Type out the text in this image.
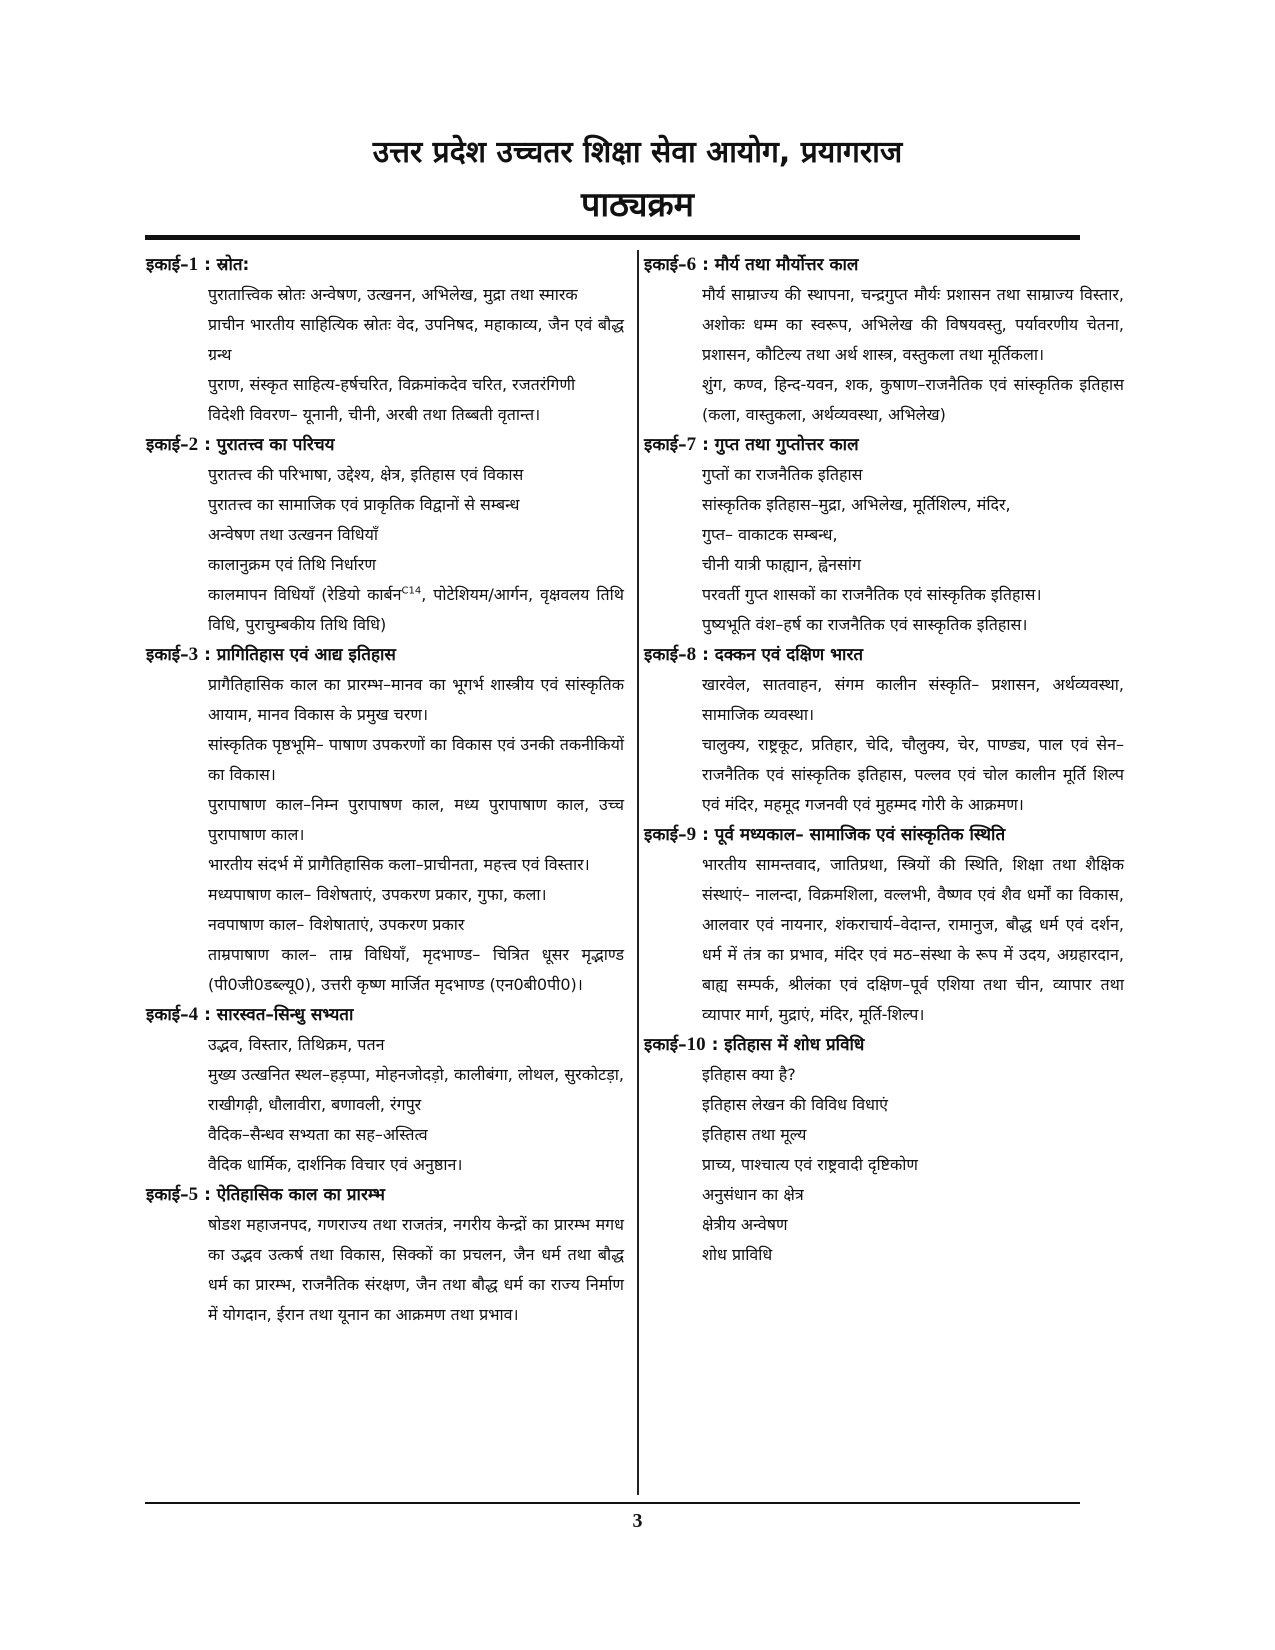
उत्तर प्रदेश उच्चतर शिक्षा सेवा आयोग, प्रयागराज
पाठ्यक्रम
इकाई–1 : स्रोत:
पुरातात्त्विक स्रोतः अन्वेषण, उत्खनन, अभिलेख, मुद्रा तथा स्मारक
प्राचीन भारतीय साहित्यिक स्रोतः वेद, उपनिषद, महाकाव्य, जैन एवं बौद्ध ग्रन्थ
पुराण, संस्कृत साहित्य-हर्षचरित, विक्रमांकदेव चरित, रजतरंगिणी
विदेशी विवरण– यूनानी, चीनी, अरबी तथा तिब्बती वृतान्त।
इकाई–2 : पुरातत्त्व का परिचय
पुरातत्त्व की परिभाषा, उद्देश्य, क्षेत्र, इतिहास एवं विकास
पुरातत्त्व का सामाजिक एवं प्राकृतिक विद्वानों से सम्बन्ध
अन्वेषण तथा उत्खनन विधियाँ
कालानुक्रम एवं तिथि निर्धारण
कालमापन विधियाँ (रेडियो कार्बन$^{C14}$, पोटेशियम/आर्गन, वृक्षवलय तिथि विधि, पुराचुम्बकीय तिथि विधि)
इकाई–3 : प्रागितिहास एवं आद्य इतिहास
प्रागैतिहासिक काल का प्रारम्भ–मानव का भूगर्भ शास्त्रीय एवं सांस्कृतिक आयाम, मानव विकास के प्रमुख चरण।
सांस्कृतिक पृष्ठभूमि– पाषाण उपकरणों का विकास एवं उनकी तकनीकियों का विकास।
पुरापाषाण काल–निम्न पुरापाषण काल, मध्य पुरापाषाण काल, उच्च पुरापाषाण काल।
भारतीय संदर्भ में प्रागैतिहासिक कला–प्राचीनता, महत्त्व एवं विस्तार।
मध्यपाषाण काल– विशेषताएं, उपकरण प्रकार, गुफा, कला।
नवपाषाण काल– विशेषाताएं, उपकरण प्रकार
ताम्रपाषाण काल– ताम्र विधियाँ, मृदभाण्ड– चित्रित धूसर मृद्भाण्ड (पी0जी0डब्ल्यू0), उत्तरी कृष्ण मार्जित मृदभाण्ड (एन0बी0पी0)।
इकाई–4 : सारस्वत–सिन्धु सभ्यता
उद्भव, विस्तार, तिथिक्रम, पतन
मुख्य उत्खनित स्थल–हड़प्पा, मोहनजोदड़ो, कालीबंगा, लोथल, सुरकोटड़ा, राखीगढ़ी, धौलावीरा, बणावली, रंगपुर
वैदिक–सैन्धव सभ्यता का सह–अस्तित्व
वैदिक धार्मिक, दार्शनिक विचार एवं अनुष्ठान।
इकाई–5 : ऐतिहासिक काल का प्रारम्भ
षोडश महाजनपद, गणराज्य तथा राजतंत्र, नगरीय केन्द्रों का प्रारम्भ मगध का उद्भव उत्कर्ष तथा विकास, सिक्कों का प्रचलन, जैन धर्म तथा बौद्ध धर्म का प्रारम्भ, राजनैतिक संरक्षण, जैन तथा बौद्ध धर्म का राज्य निर्माण में योगदान, ईरान तथा यूनान का आक्रमण तथा प्रभाव।
इकाई–6 : मौर्य तथा मौर्योत्तर काल
मौर्य साम्राज्य की स्थापना, चन्द्रगुप्त मौर्यः प्रशासन तथा साम्राज्य विस्तार, अशोकः धम्म का स्वरूप, अभिलेख की विषयवस्तु, पर्यावरणीय चेतना, प्रशासन, कौटिल्य तथा अर्थ शास्त्र, वस्तुकला तथा मूर्तिकला।
शुंग, कण्व, हिन्द-यवन, शक, कुषाण–राजनैतिक एवं सांस्कृतिक इतिहास (कला, वास्तुकला, अर्थव्यवस्था, अभिलेख)
इकाई–7 : गुप्त तथा गुप्तोत्तर काल
गुप्तों का राजनैतिक इतिहास
सांस्कृतिक इतिहास–मुद्रा, अभिलेख, मूर्तिशिल्प, मंदिर,
गुप्त– वाकाटक सम्बन्ध,
चीनी यात्री फाह्यान, ह्वेनसांग
परवर्ती गुप्त शासकों का राजनैतिक एवं सांस्कृतिक इतिहास।
पुष्यभूति वंश–हर्ष का राजनैतिक एवं सास्कृतिक इतिहास।
इकाई–8 : दक्कन एवं दक्षिण भारत
खारवेल, सातवाहन, संगम कालीन संस्कृति– प्रशासन, अर्थव्यवस्था, सामाजिक व्यवस्था।
चालुक्य, राष्ट्रकूट, प्रतिहार, चेदि, चौलुक्य, चेर, पाण्ड्य, पाल एवं सेन– राजनैतिक एवं सांस्कृतिक इतिहास, पल्लव एवं चोल कालीन मूर्ति शिल्प एवं मंदिर, महमूद गजनवी एवं मुहम्मद गोरी के आक्रमण।
इकाई–9 : पूर्व मध्यकाल– सामाजिक एवं सांस्कृतिक स्थिति
भारतीय सामन्तवाद, जातिप्रथा, स्त्रियों की स्थिति, शिक्षा तथा शैक्षिक संस्थाएं– नालन्दा, विक्रमशिला, वल्लभी, वैष्णव एवं शैव धर्मों का विकास, आलवार एवं नायनार, शंकराचार्य–वेदान्त, रामानुज, बौद्ध धर्म एवं दर्शन, धर्म में तंत्र का प्रभाव, मंदिर एवं मठ–संस्था के रूप में उदय, अग्रहारदान, बाह्य सम्पर्क, श्रीलंका एवं दक्षिण–पूर्व एशिया तथा चीन, व्यापार तथा व्यापार मार्ग, मुद्राएं, मंदिर, मूर्ति-शिल्प।
इकाई–10 : इतिहास में शोध प्रविधि
इतिहास क्या है?
इतिहास लेखन की विविध विधाएं
इतिहास तथा मूल्य
प्राच्य, पाश्चात्य एवं राष्ट्रवादी दृष्टिकोण
अनुसंधान का क्षेत्र
क्षेत्रीय अन्वेषण
शोध प्राविधि
3
